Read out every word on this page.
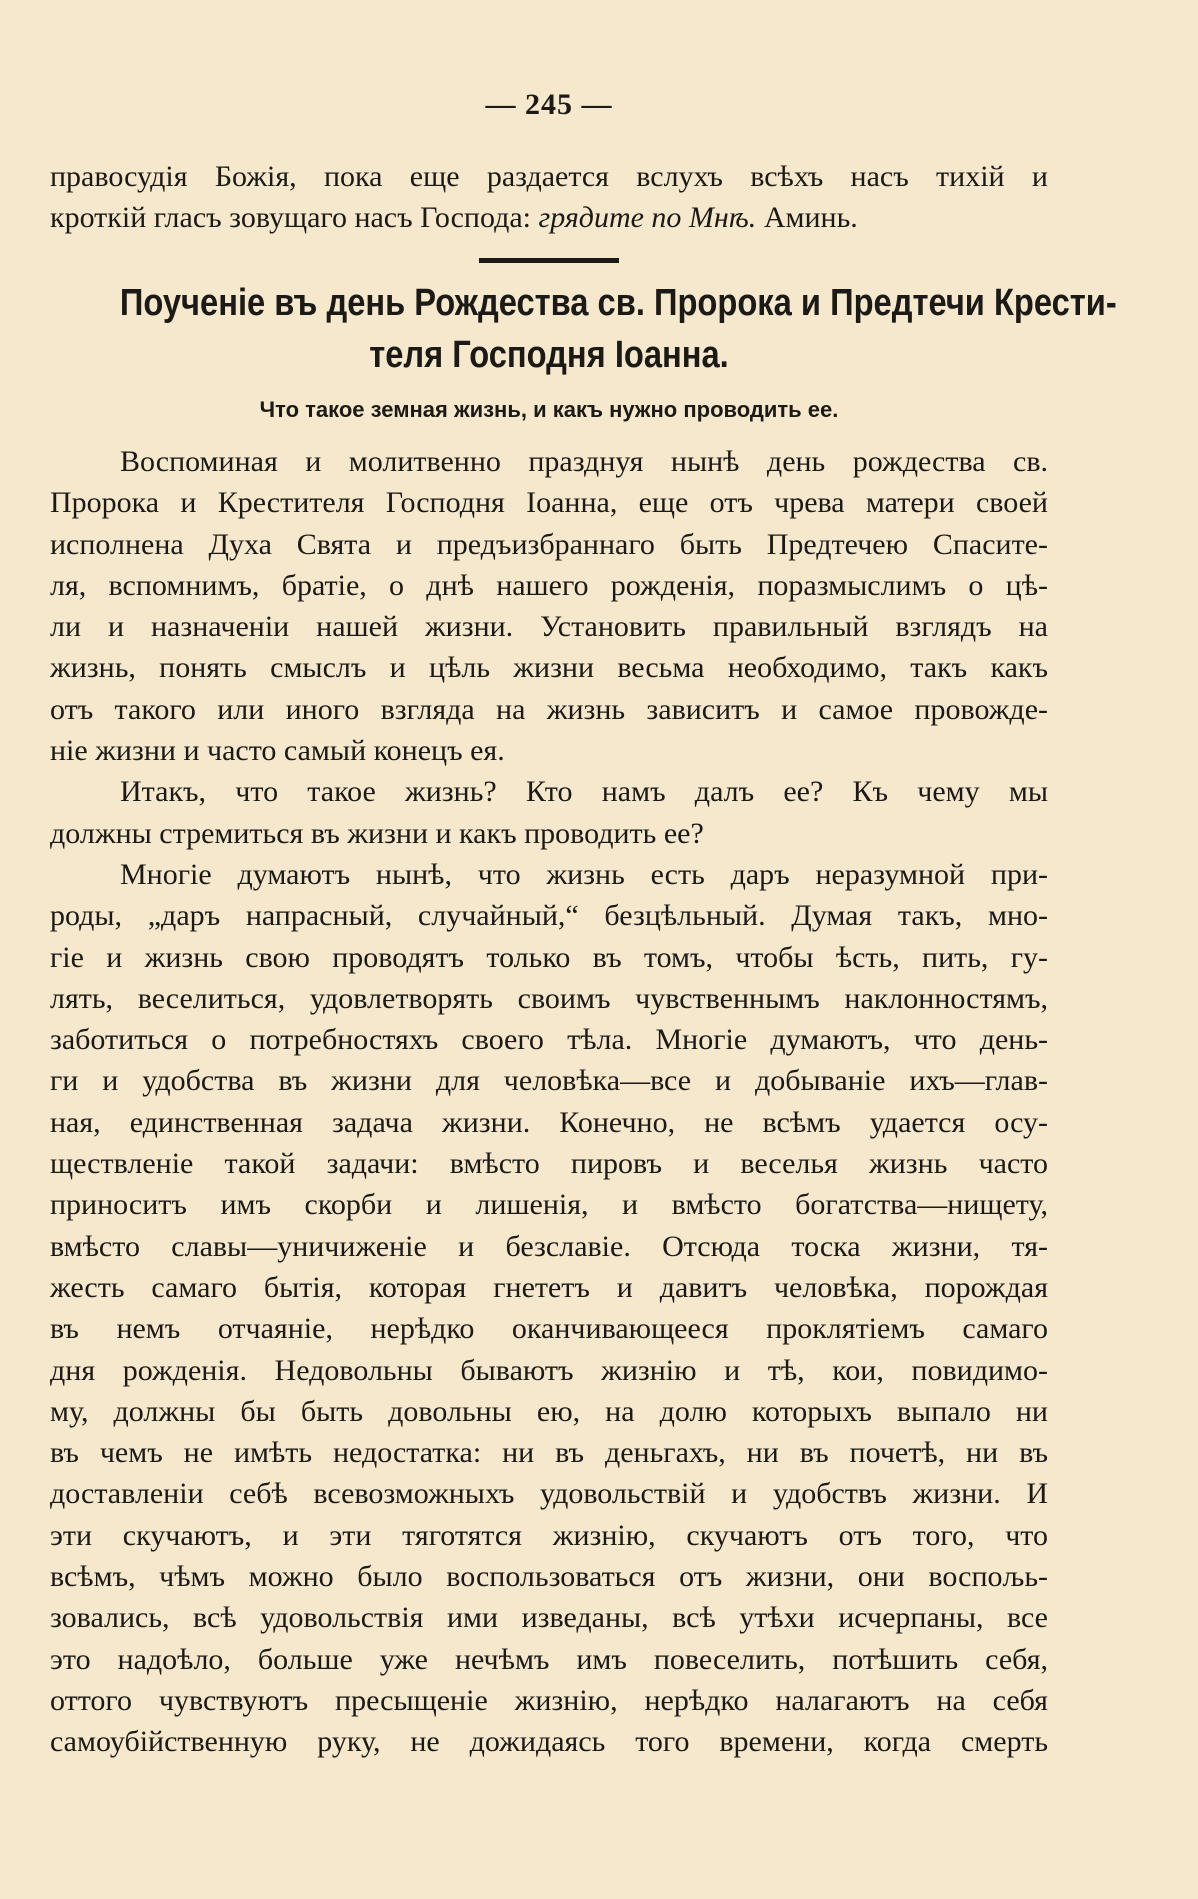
— 245 —
правосудія Божія, пока еще раздается вслухъ всѣхъ насъ тихій и
кроткій гласъ зовущаго насъ Господа: грядите по Мнѣ. Аминь.
Поученіе въ день Рождества св. Пророка и Предтечи Крести-
теля Господня Іоанна.
Что такое земная жизнь, и какъ нужно проводить ее.
Воспоминая и молитвенно празднуя нынѣ день рождества св.
Пророка и Крестителя Господня Іоанна, еще отъ чрева матери своей
исполнена Духа Свята и предъизбраннаго быть Предтечею Спасите-
ля, вспомнимъ, братіе, о днѣ нашего рожденія, поразмыслимъ о цѣ-
ли и назначеніи нашей жизни. Установить правильный взглядъ на
жизнь, понять смыслъ и цѣль жизни весьма необходимо, такъ какъ
отъ такого или иного взгляда на жизнь зависитъ и самое провожде-
ніе жизни и часто самый конецъ ея.
Итакъ, что такое жизнь? Кто намъ далъ ее? Къ чему мы
должны стремиться въ жизни и какъ проводить ее?
Многіе думаютъ нынѣ, что жизнь есть даръ неразумной при-
роды, „даръ напрасный, случайный,“ безцѣльный. Думая такъ, мно-
гіе и жизнь свою проводятъ только въ томъ, чтобы ѣсть, пить, гу-
лять, веселиться, удовлетворять своимъ чувственнымъ наклонностямъ,
заботиться о потребностяхъ своего тѣла. Многіе думаютъ, что день-
ги и удобства въ жизни для человѣка—все и добываніе ихъ—глав-
ная, единственная задача жизни. Конечно, не всѣмъ удается осу-
ществленіе такой задачи: вмѣсто пировъ и веселья жизнь часто
приноситъ имъ скорби и лишенія, и вмѣсто богатства—нищету,
вмѣсто славы—уничиженіе и безславіе. Отсюда тоска жизни, тя-
жесть самаго бытія, которая гнететъ и давитъ человѣка, порождая
въ немъ отчаяніе, нерѣдко оканчивающееся проклятіемъ самаго
дня рожденія. Недовольны бываютъ жизнію и тѣ, кои, повидимо-
му, должны бы быть довольны ею, на долю которыхъ выпало ни
въ чемъ не имѣть недостатка: ни въ деньгахъ, ни въ почетѣ, ни въ
доставленіи себѣ всевозможныхъ удовольствій и удобствъ жизни. И
эти скучаютъ, и эти тяготятся жизнію, скучаютъ отъ того, что
всѣмъ, чѣмъ можно было воспользоваться отъ жизни, они воспољь-
зовались, всѣ удовольствія ими изведаны, всѣ утѣхи исчерпаны, все
это надоѣло, больше уже нечѣмъ имъ повеселить, потѣшить себя,
оттого чувствуютъ пресыщеніе жизнію, нерѣдко налагаютъ на себя
самоубійственную руку, не дожидаясь того времени, когда смерть
